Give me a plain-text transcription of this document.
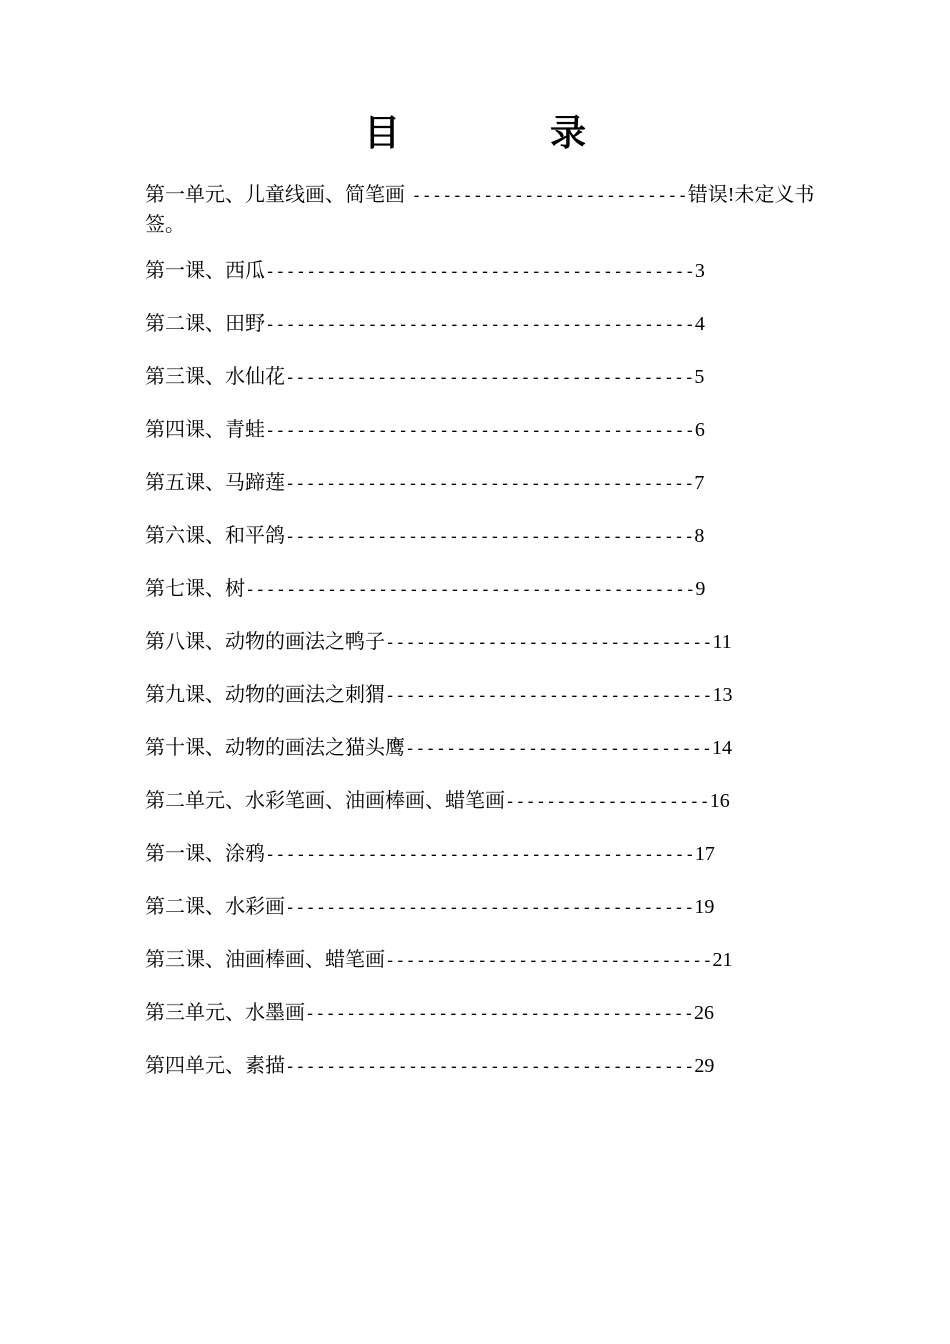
目	录
第一单元、儿童线画、简笔画 ---------------------------错误!未定义书签。
第一课、西瓜------------------------------------------3
第二课、田野------------------------------------------4
第三课、水仙花----------------------------------------5
第四课、青蛙------------------------------------------6
第五课、马蹄莲----------------------------------------7
第六课、和平鸽----------------------------------------8
第七课、树--------------------------------------------9
第八课、动物的画法之鸭子--------------------------------11
第九课、动物的画法之刺猬--------------------------------13
第十课、动物的画法之猫头鹰------------------------------14
第二单元、水彩笔画、油画棒画、蜡笔画--------------------16
第一课、涂鸦------------------------------------------17
第二课、水彩画----------------------------------------19
第三课、油画棒画、蜡笔画--------------------------------21
第三单元、水墨画--------------------------------------26
第四单元、素描----------------------------------------29
